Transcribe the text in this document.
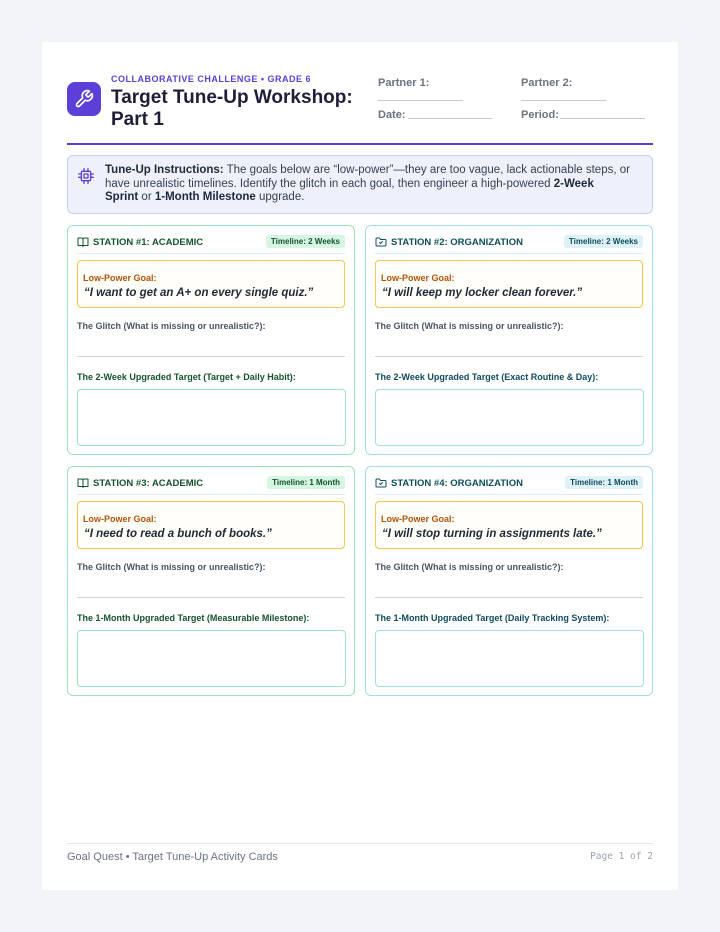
COLLABORATIVE CHALLENGE • GRADE 6
Target Tune-Up Workshop: Part 1
Partner 1:	Partner 2:
Date:	Period:
Tune-Up Instructions: The goals below are “low-power”—they are too vague, lack actionable steps, or have unrealistic timelines. Identify the glitch in each goal, then engineer a high-powered 2-Week Sprint or 1-Month Milestone upgrade.
STATION #1: ACADEMIC	Timeline: 2 Weeks
Low-Power Goal:
“I want to get an A+ on every single quiz.”
The Glitch (What is missing or unrealistic?):
The 2-Week Upgraded Target (Target + Daily Habit):
STATION #2: ORGANIZATION	Timeline: 2 Weeks
Low-Power Goal:
“I will keep my locker clean forever.”
The Glitch (What is missing or unrealistic?):
The 2-Week Upgraded Target (Exact Routine & Day):
STATION #3: ACADEMIC	Timeline: 1 Month
Low-Power Goal:
“I need to read a bunch of books.”
The Glitch (What is missing or unrealistic?):
The 1-Month Upgraded Target (Measurable Milestone):
STATION #4: ORGANIZATION	Timeline: 1 Month
Low-Power Goal:
“I will stop turning in assignments late.”
The Glitch (What is missing or unrealistic?):
The 1-Month Upgraded Target (Daily Tracking System):
Goal Quest • Target Tune-Up Activity Cards	Page 1 of 2
